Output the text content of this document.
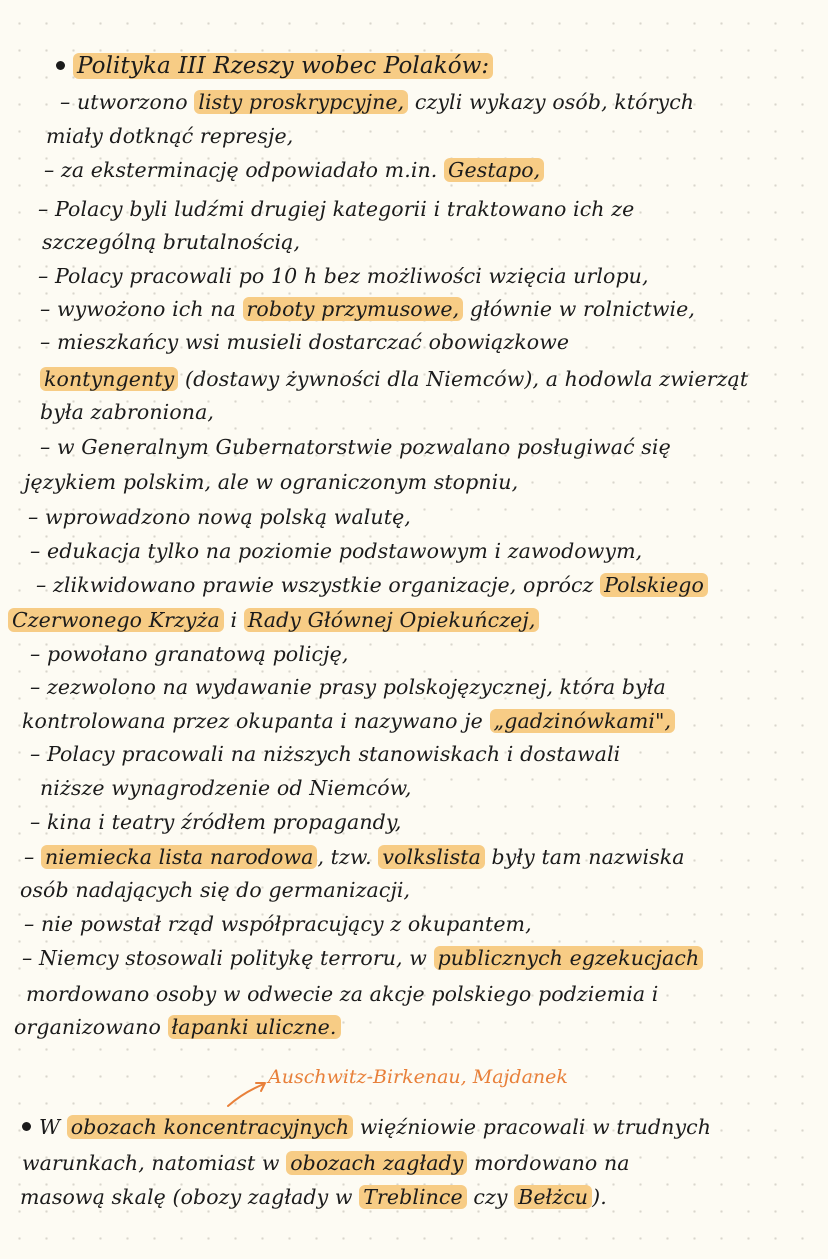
Polityka III Rzeszy wobec Polaków:
– utworzono listy proskrypcyjne, czyli wykazy osób, których
miały dotknąć represje,
– za eksterminację odpowiadało m.in. Gestapo,
– Polacy byli ludźmi drugiej kategorii i traktowano ich ze
szczególną brutalnością,
– Polacy pracowali po 10 h bez możliwości wzięcia urlopu,
– wywożono ich na roboty przymusowe, głównie w rolnictwie,
– mieszkańcy wsi musieli dostarczać obowiązkowe
kontyngenty (dostawy żywności dla Niemców), a hodowla zwierząt
była zabroniona,
– w Generalnym Gubernatorstwie pozwalano posługiwać się
językiem polskim, ale w ograniczonym stopniu,
– wprowadzono nową polską walutę,
– edukacja tylko na poziomie podstawowym i zawodowym,
– zlikwidowano prawie wszystkie organizacje, oprócz Polskiego
Czerwonego Krzyża i Rady Głównej Opiekuńczej,
– powołano granatową policję,
– zezwolono na wydawanie prasy polskojęzycznej, która była
kontrolowana przez okupanta i nazywano je „gadzinówkami",
– Polacy pracowali na niższych stanowiskach i dostawali
niższe wynagrodzenie od Niemców,
– kina i teatry źródłem propagandy,
– niemiecka lista narodowa , tzw. volkslista były tam nazwiska
osób nadających się do germanizacji,
– nie powstał rząd współpracujący z okupantem,
– Niemcy stosowali politykę terroru, w publicznych egzekucjach
mordowano osoby w odwecie za akcje polskiego podziemia i
organizowano łapanki uliczne.
Auschwitz-Birkenau, Majdanek
W obozach koncentracyjnych więźniowie pracowali w trudnych
warunkach, natomiast w obozach zagłady mordowano na
masową skalę (obozy zagłady w Treblince czy Bełżcu ).
